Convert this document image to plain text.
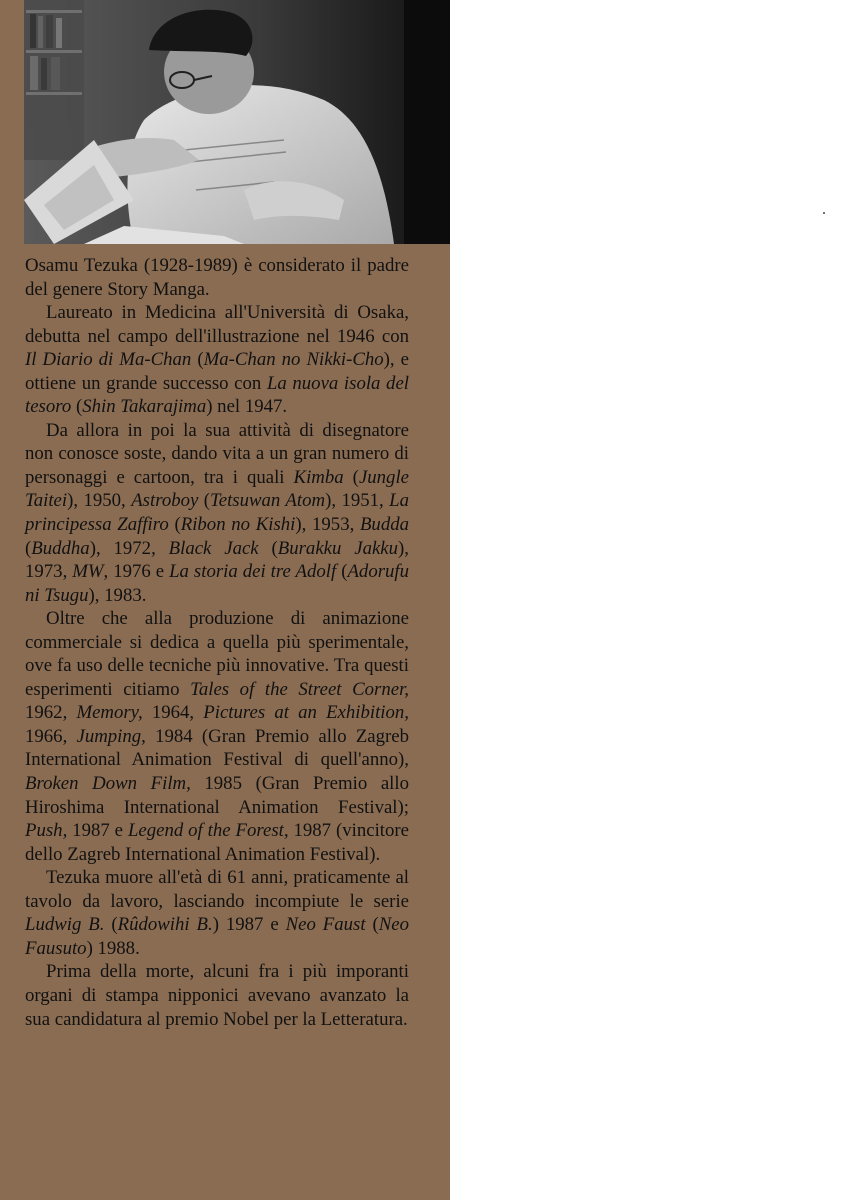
Osamu Tezuka (1928-1989) è considerato il padre del genere Story Manga.

Laureato in Medicina all'Università di Osaka, debutta nel campo dell'illustrazione nel 1946 con Il Diario di Ma-Chan (Ma-Chan no Nikki-Cho), e ottiene un grande successo con La nuova isola del tesoro (Shin Takarajima) nel 1947.

Da allora in poi la sua attività di disegnatore non conosce soste, dando vita a un gran numero di personaggi e cartoon, tra i quali Kimba (Jungle Taitei), 1950, Astroboy (Tetsuwan Atom), 1951, La principessa Zaffiro (Ribon no Kishi), 1953, Budda (Buddha), 1972, Black Jack (Burakku Jakku), 1973, MW, 1976 e La storia dei tre Adolf (Adorufu ni Tsugu), 1983.

Oltre che alla produzione di animazione commerciale si dedica a quella più sperimentale, ove fa uso delle tecniche più innovative. Tra questi esperimenti citiamo Tales of the Street Corner, 1962, Memory, 1964, Pictures at an Exhibition, 1966, Jumping, 1984 (Gran Premio allo Zagreb International Animation Festival di quell'anno), Broken Down Film, 1985 (Gran Premio allo Hiroshima International Animation Festival); Push, 1987 e Legend of the Forest, 1987 (vincitore dello Zagreb International Animation Festival).

Tezuka muore all'età di 61 anni, praticamente al tavolo da lavoro, lasciando incompiute le serie Ludwig B. (Rûdowihi B.) 1987 e Neo Faust (Neo Fausuto) 1988.

Prima della morte, alcuni fra i più imporanti organi di stampa nipponici avevano avanzato la sua candidatura al premio Nobel per la Letteratura.
